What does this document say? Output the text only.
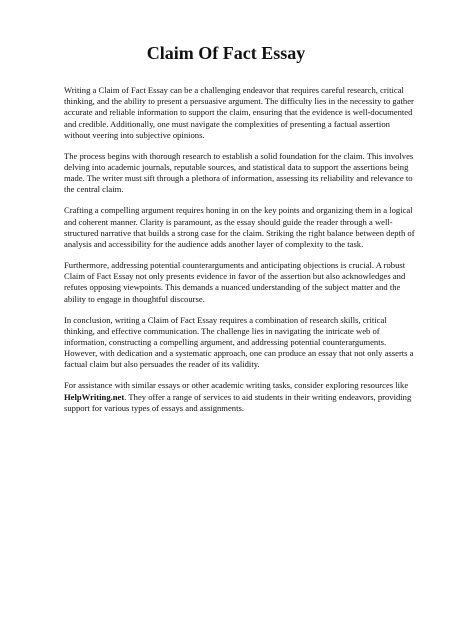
Claim Of Fact Essay

Writing a Claim of Fact Essay can be a challenging endeavor that requires careful research, critical thinking, and the ability to present a persuasive argument. The difficulty lies in the necessity to gather accurate and reliable information to support the claim, ensuring that the evidence is well-documented and credible. Additionally, one must navigate the complexities of presenting a factual assertion without veering into subjective opinions.

The process begins with thorough research to establish a solid foundation for the claim. This involves delving into academic journals, reputable sources, and statistical data to support the assertions being made. The writer must sift through a plethora of information, assessing its reliability and relevance to the central claim.

Crafting a compelling argument requires honing in on the key points and organizing them in a logical and coherent manner. Clarity is paramount, as the essay should guide the reader through a well-structured narrative that builds a strong case for the claim. Striking the right balance between depth of analysis and accessibility for the audience adds another layer of complexity to the task.

Furthermore, addressing potential counterarguments and anticipating objections is crucial. A robust Claim of Fact Essay not only presents evidence in favor of the assertion but also acknowledges and refutes opposing viewpoints. This demands a nuanced understanding of the subject matter and the ability to engage in thoughtful discourse.

In conclusion, writing a Claim of Fact Essay requires a combination of research skills, critical thinking, and effective communication. The challenge lies in navigating the intricate web of information, constructing a compelling argument, and addressing potential counterarguments. However, with dedication and a systematic approach, one can produce an essay that not only asserts a factual claim but also persuades the reader of its validity.

For assistance with similar essays or other academic writing tasks, consider exploring resources like HelpWriting.net. They offer a range of services to aid students in their writing endeavors, providing support for various types of essays and assignments.
